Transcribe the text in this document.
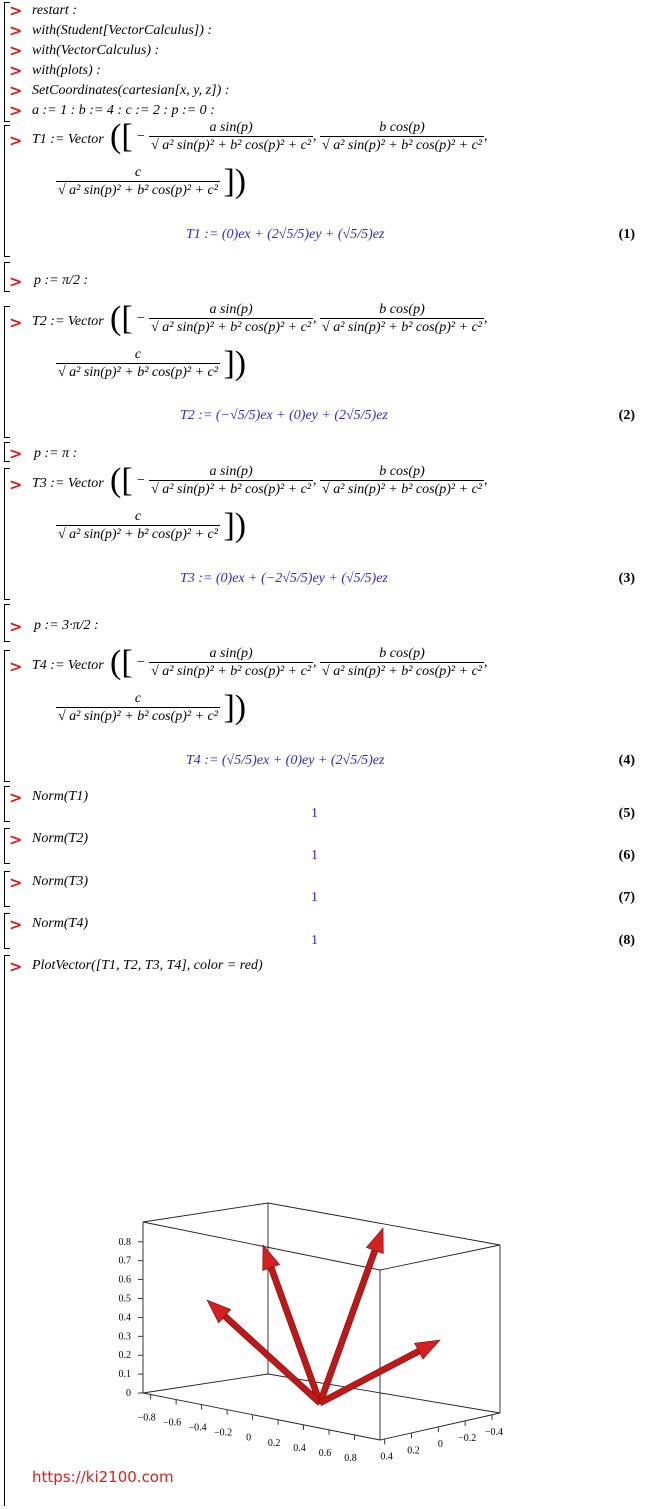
> restart :
> with(Student[VectorCalculus]) :
> with(VectorCalculus) :
> with(plots) :
> SetCoordinates(cartesian[x, y, z]) :
> a := 1 : b := 4 : c := 2 : p := 0 :
> T1 := Vector ([ − $\frac{\text{a sin(p)}}{\text{√ a² sin(p)² + b² cos(p)² + c²}}$ , $\frac{\text{b cos(p)}}{\text{√ a² sin(p)² + b² cos(p)² + c²}}$ ,
$\frac{c}{\text{√ a² sin(p)² + b² cos(p)² + c²}}$ ])
T1 := (0)ex + (2√5/5)ey + (√5/5)ez	(1)
> p := π/2 :
> T2 := Vector ([ − $\frac{\text{a sin(p)}}{\text{√ a² sin(p)² + b² cos(p)² + c²}}$ , $\frac{\text{b cos(p)}}{\text{√ a² sin(p)² + b² cos(p)² + c²}}$ ,
$\frac{c}{\text{√ a² sin(p)² + b² cos(p)² + c²}}$ ])
T2 := (−√5/5)ex + (0)ey + (2√5/5)ez	(2)
> p := π :
> T3 := Vector ([ − $\frac{\text{a sin(p)}}{\text{√ a² sin(p)² + b² cos(p)² + c²}}$ , $\frac{\text{b cos(p)}}{\text{√ a² sin(p)² + b² cos(p)² + c²}}$ ,
$\frac{c}{\text{√ a² sin(p)² + b² cos(p)² + c²}}$ ])
T3 := (0)ex + (−2√5/5)ey + (√5/5)ez	(3)
> p := 3·π/2 :
> T4 := Vector ([ − $\frac{\text{a sin(p)}}{\text{√ a² sin(p)² + b² cos(p)² + c²}}$ , $\frac{\text{b cos(p)}}{\text{√ a² sin(p)² + b² cos(p)² + c²}}$ ,
$\frac{c}{\text{√ a² sin(p)² + b² cos(p)² + c²}}$ ])
T4 := (√5/5)ex + (0)ey + (2√5/5)ez	(4)
> Norm(T1)
1	(5)
> Norm(T2)
1	(6)
> Norm(T3)
1	(7)
> Norm(T4)
1	(8)
> PlotVector([T1, T2, T3, T4], color = red)
0
0.1
0.2
0.3
0.4
0.5
0.6
0.7
0.8
−0.8 −0.6 −0.4 −0.2 0 0.2 0.4 0.6 0.8 0.4
0.2
0
−0.2
−0.4
https://ki2100.com
